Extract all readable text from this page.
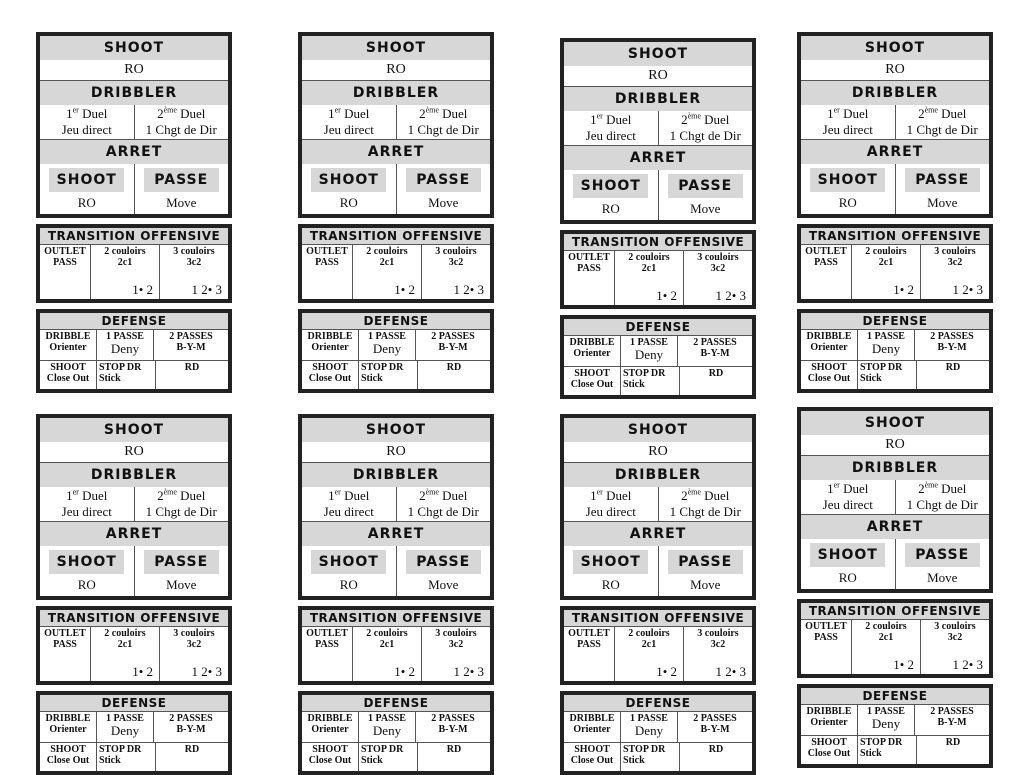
SHOOT
RO
DRIBBLER
1er Duel
Jeu direct
2ème Duel
1 Chgt de Dir
ARRET
SHOOT
RO
PASSE
Move
TRANSITION OFFENSIVE
OUTLET
PASS
2 couloirs
2c1
1• 2
3 couloirs
3c2
1 2• 3
DEFENSE
DRIBBLE
Orienter
1 PASSE
Deny
2 PASSES
B-Y-M
SHOOT
Close Out
STOP DR
Stick
RD
SHOOT
RO
DRIBBLER
1er Duel
Jeu direct
2ème Duel
1 Chgt de Dir
ARRET
SHOOT
RO
PASSE
Move
TRANSITION OFFENSIVE
OUTLET
PASS
2 couloirs
2c1
1• 2
3 couloirs
3c2
1 2• 3
DEFENSE
DRIBBLE
Orienter
1 PASSE
Deny
2 PASSES
B-Y-M
SHOOT
Close Out
STOP DR
Stick
RD
SHOOT
RO
DRIBBLER
1er Duel
Jeu direct
2ème Duel
1 Chgt de Dir
ARRET
SHOOT
RO
PASSE
Move
TRANSITION OFFENSIVE
OUTLET
PASS
2 couloirs
2c1
1• 2
3 couloirs
3c2
1 2• 3
DEFENSE
DRIBBLE
Orienter
1 PASSE
Deny
2 PASSES
B-Y-M
SHOOT
Close Out
STOP DR
Stick
RD
SHOOT
RO
DRIBBLER
1er Duel
Jeu direct
2ème Duel
1 Chgt de Dir
ARRET
SHOOT
RO
PASSE
Move
TRANSITION OFFENSIVE
OUTLET
PASS
2 couloirs
2c1
1• 2
3 couloirs
3c2
1 2• 3
DEFENSE
DRIBBLE
Orienter
1 PASSE
Deny
2 PASSES
B-Y-M
SHOOT
Close Out
STOP DR
Stick
RD
SHOOT
RO
DRIBBLER
1er Duel
Jeu direct
2ème Duel
1 Chgt de Dir
ARRET
SHOOT
RO
PASSE
Move
TRANSITION OFFENSIVE
OUTLET
PASS
2 couloirs
2c1
1• 2
3 couloirs
3c2
1 2• 3
DEFENSE
DRIBBLE
Orienter
1 PASSE
Deny
2 PASSES
B-Y-M
SHOOT
Close Out
STOP DR
Stick
RD
SHOOT
RO
DRIBBLER
1er Duel
Jeu direct
2ème Duel
1 Chgt de Dir
ARRET
SHOOT
RO
PASSE
Move
TRANSITION OFFENSIVE
OUTLET
PASS
2 couloirs
2c1
1• 2
3 couloirs
3c2
1 2• 3
DEFENSE
DRIBBLE
Orienter
1 PASSE
Deny
2 PASSES
B-Y-M
SHOOT
Close Out
STOP DR
Stick
RD
SHOOT
RO
DRIBBLER
1er Duel
Jeu direct
2ème Duel
1 Chgt de Dir
ARRET
SHOOT
RO
PASSE
Move
TRANSITION OFFENSIVE
OUTLET
PASS
2 couloirs
2c1
1• 2
3 couloirs
3c2
1 2• 3
DEFENSE
DRIBBLE
Orienter
1 PASSE
Deny
2 PASSES
B-Y-M
SHOOT
Close Out
STOP DR
Stick
RD
SHOOT
RO
DRIBBLER
1er Duel
Jeu direct
2ème Duel
1 Chgt de Dir
ARRET
SHOOT
RO
PASSE
Move
TRANSITION OFFENSIVE
OUTLET
PASS
2 couloirs
2c1
1• 2
3 couloirs
3c2
1 2• 3
DEFENSE
DRIBBLE
Orienter
1 PASSE
Deny
2 PASSES
B-Y-M
SHOOT
Close Out
STOP DR
Stick
RD
